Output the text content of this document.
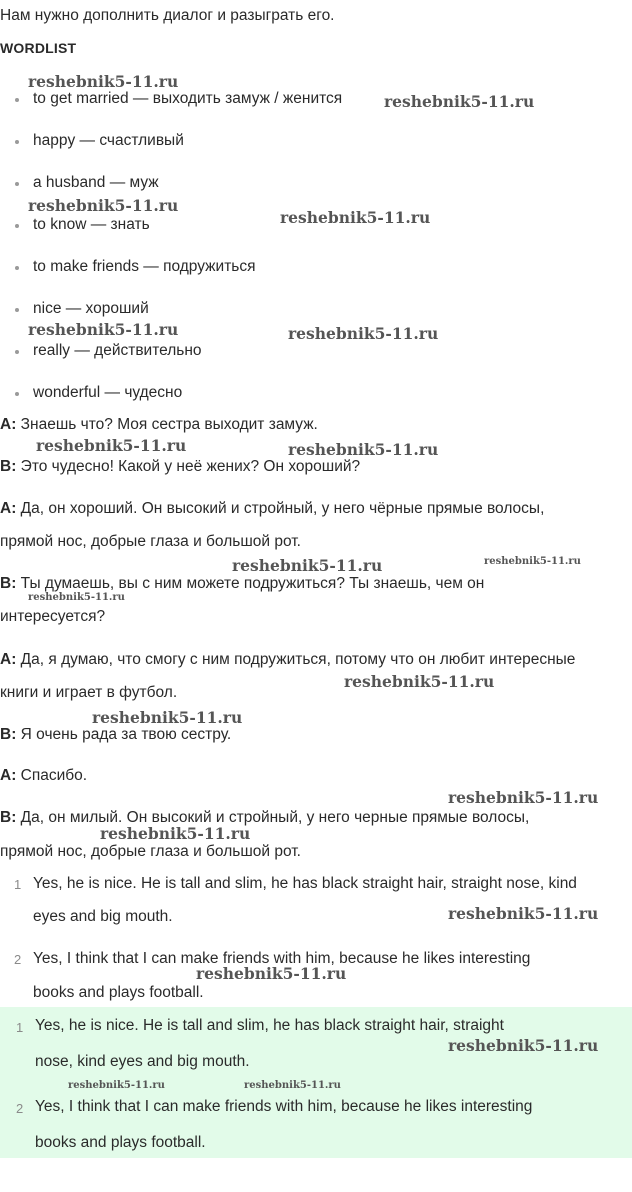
Нам нужно дополнить диалог и разыграть его.
WORDLIST
to get married — выходить замуж / женится
happy — счастливый
a husband — муж
to know — знать
to make friends — подружиться
nice — хороший
really — действительно
wonderful — чудесно
A: Знаешь что? Моя сестра выходит замуж.
B: Это чудесно! Какой у неё жених? Он хороший?
A: Да, он хороший. Он высокий и стройный, у него чёрные прямые волосы,
прямой нос, добрые глаза и большой рот.
B: Ты думаешь, вы с ним можете подружиться? Ты знаешь, чем он
интересуется?
A: Да, я думаю, что смогу с ним подружиться, потому что он любит интересные
книги и играет в футбол.
B: Я очень рада за твою сестру.
A: Спасибо.
B: Да, он милый. Он высокий и стройный, у него черные прямые волосы,
прямой нос, добрые глаза и большой рот.
1 Yes, he is nice. He is tall and slim, he has black straight hair, straight nose, kind
eyes and big mouth.
2 Yes, I think that I can make friends with him, because he likes interesting
books and plays football.
1 Yes, he is nice. He is tall and slim, he has black straight hair, straight
nose, kind eyes and big mouth.
2 Yes, I think that I can make friends with him, because he likes interesting
books and plays football.
reshebnik5-11.ru
reshebnik5-11.ru
reshebnik5-11.ru
reshebnik5-11.ru
reshebnik5-11.ru	reshebnik5-11.ru
reshebnik5-11.ru	reshebnik5-11.ru
reshebnik5-11.ru	reshebnik5-11.ru
reshebnik5-11.ru
reshebnik5-11.ru
reshebnik5-11.ru
reshebnik5-11.ru
reshebnik5-11.ru
reshebnik5-11.ru
reshebnik5-11.ru
reshebnik5-11.ru
reshebnik5-11.ru	reshebnik5-11.ru
